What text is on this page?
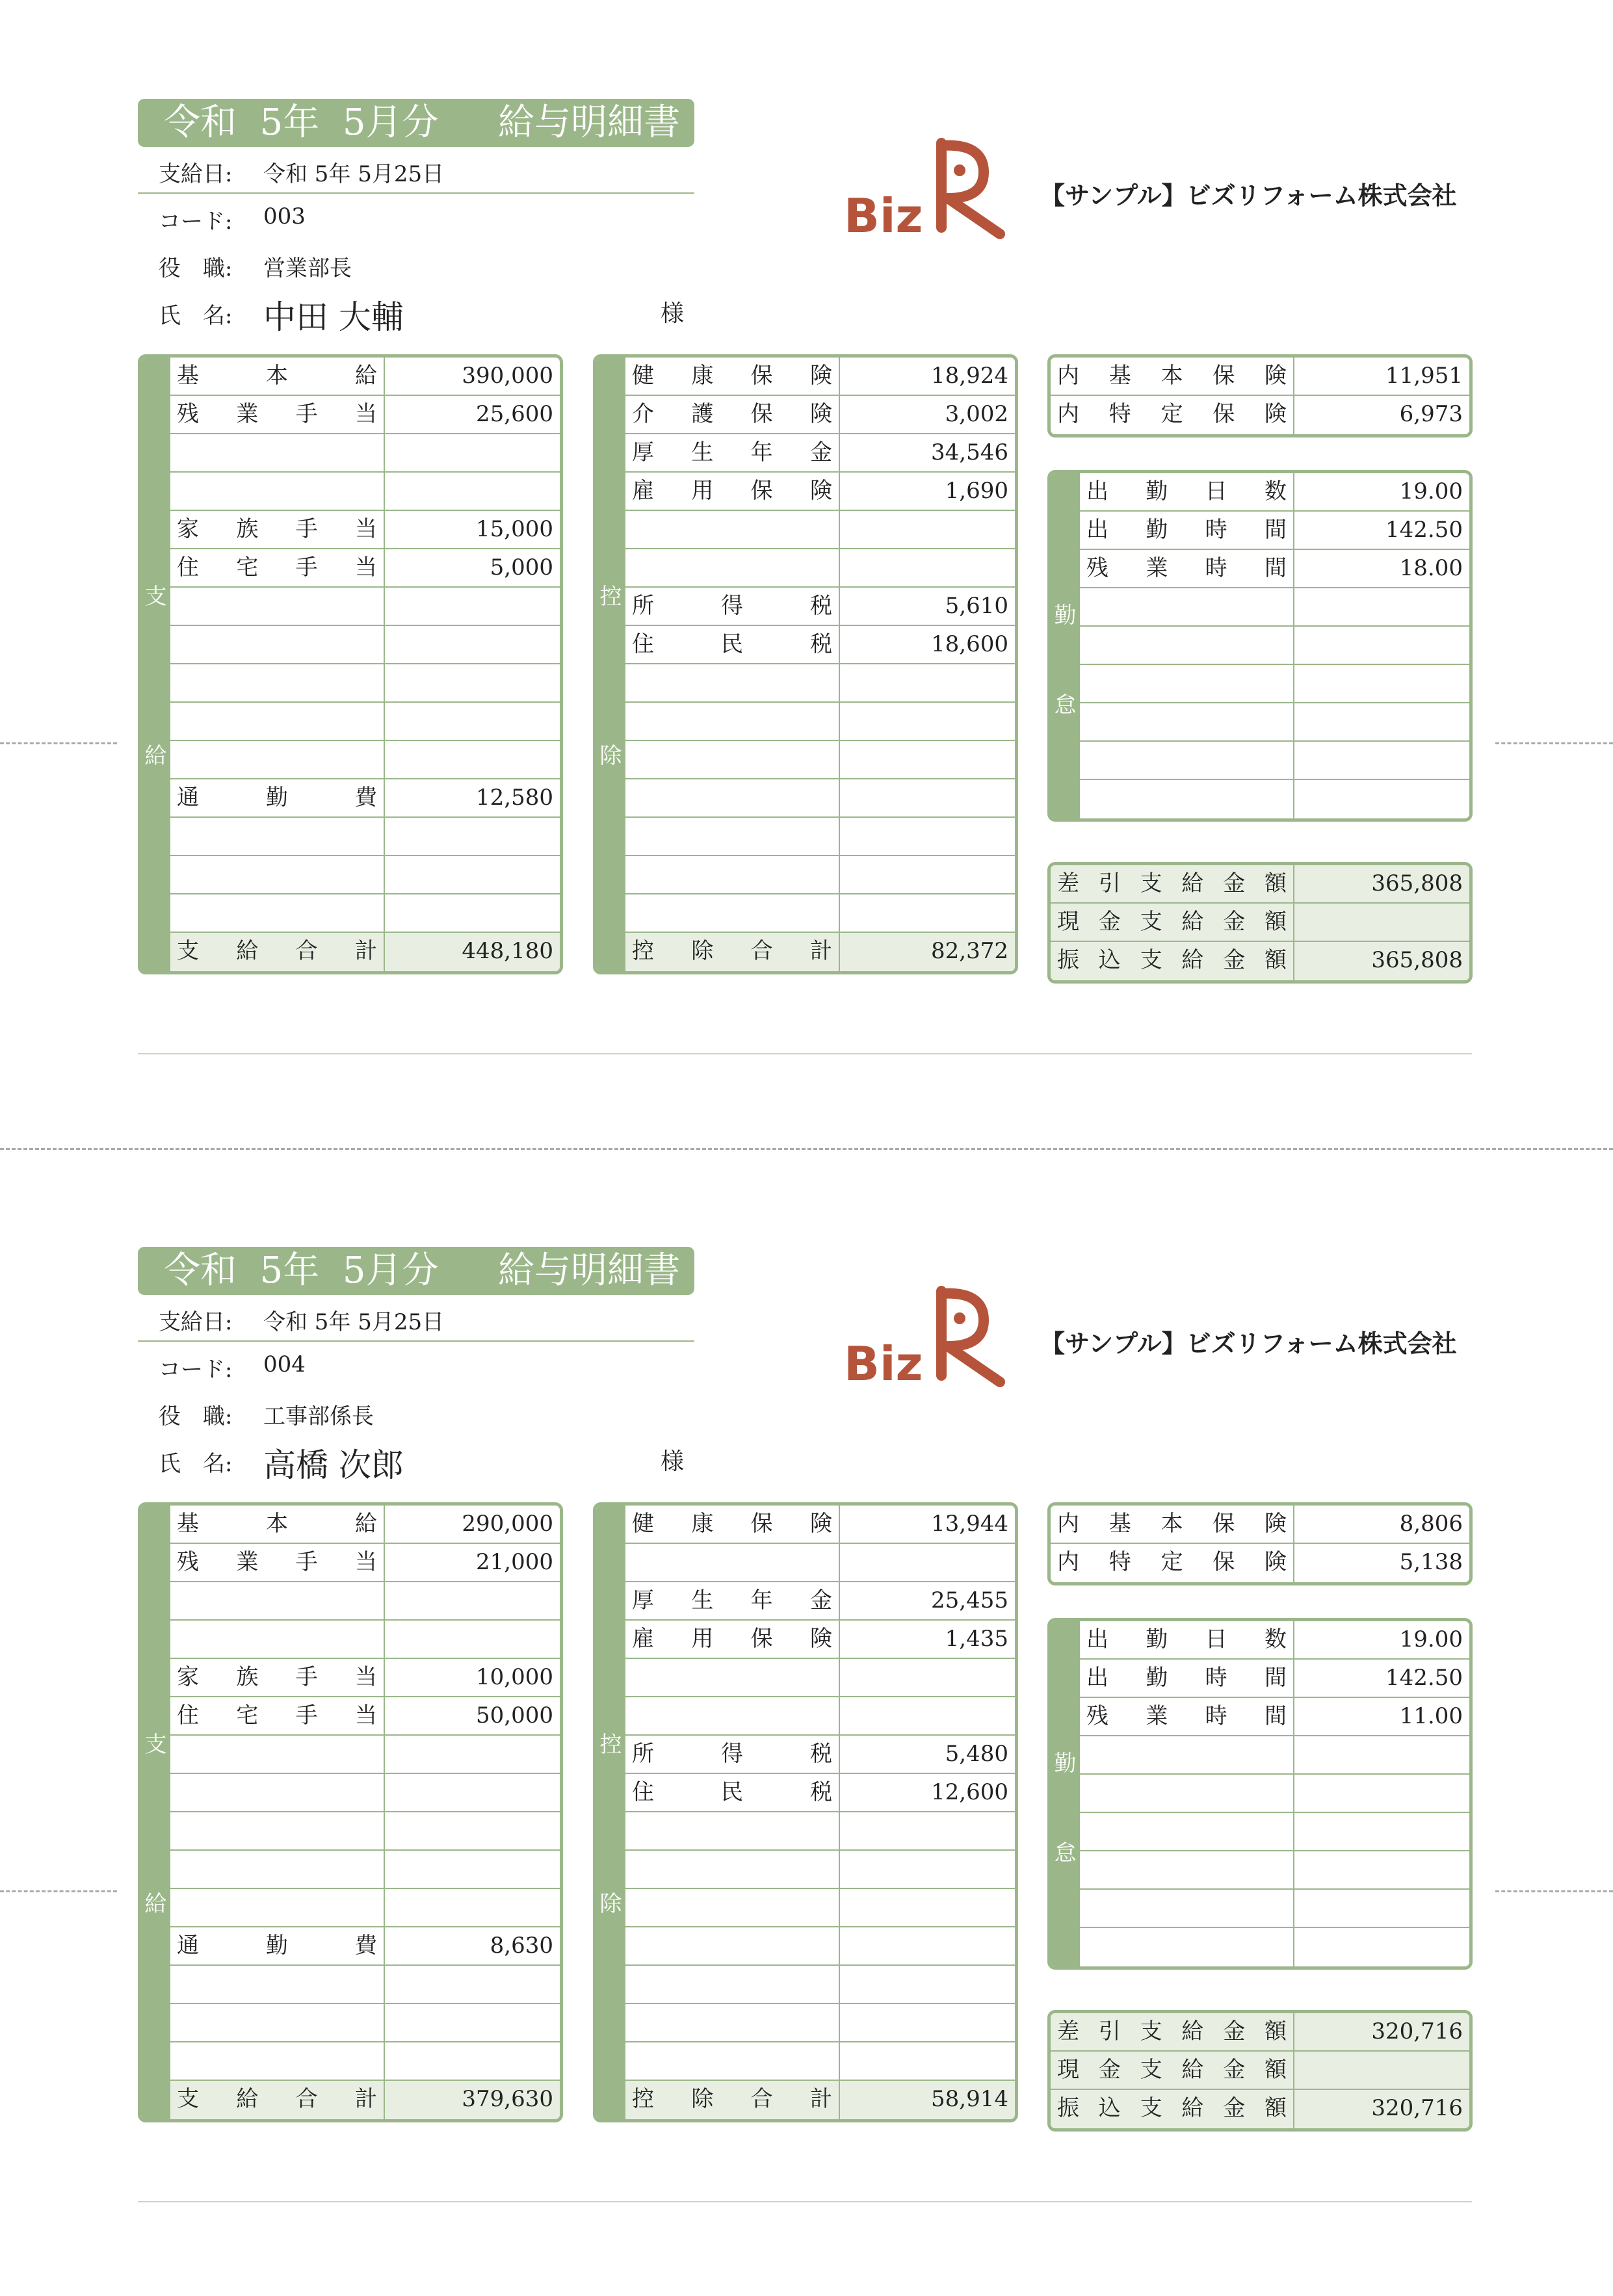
令和  5年  5月分　  給与明細書
支給日: 令和 5年 5月25日
コード: 003
役　職: 営業部長
氏　名: 中田 大輔	様
Biz	【サンプル】ビズリフォーム株式会社
支
給
基	本	給	390,000
残 業 手 当	25,600
家 族 手 当	15,000
住 宅 手 当	5,000
通	勤	費	12,580
支 給 合 計	448,180
控
除
健 康 保 険	18,924
介 護 保 険	3,002
厚 生 年 金	34,546
雇 用 保 険	1,690
所	得	税	5,610
住	民	税	18,600
控 除 合 計	82,372
内 基 本 保 険	11,951
内 特 定 保 険	6,973
勤
怠
出 勤 日 数	19.00
出 勤 時 間	142.50
残 業 時 間	18.00
差 引 支 給 金 額	365,808
現 金 支 給 金 額
振 込 支 給 金 額	365,808
令和  5年  5月分　  給与明細書
支給日: 令和 5年 5月25日
コード: 004
役　職: 工事部係長
氏　名: 高橋 次郎	様
Biz	【サンプル】ビズリフォーム株式会社
支
給
基	本	給	290,000
残 業 手 当	21,000
家 族 手 当	10,000
住 宅 手 当	50,000
通	勤	費	8,630
支 給 合 計	379,630
控
除
健 康 保 険	13,944
厚 生 年 金	25,455
雇 用 保 険	1,435
所	得	税	5,480
住	民	税	12,600
控 除 合 計	58,914
内 基 本 保 険	8,806
内 特 定 保 険	5,138
勤
怠
出 勤 日 数	19.00
出 勤 時 間	142.50
残 業 時 間	11.00
差 引 支 給 金 額	320,716
現 金 支 給 金 額
振 込 支 給 金 額	320,716
